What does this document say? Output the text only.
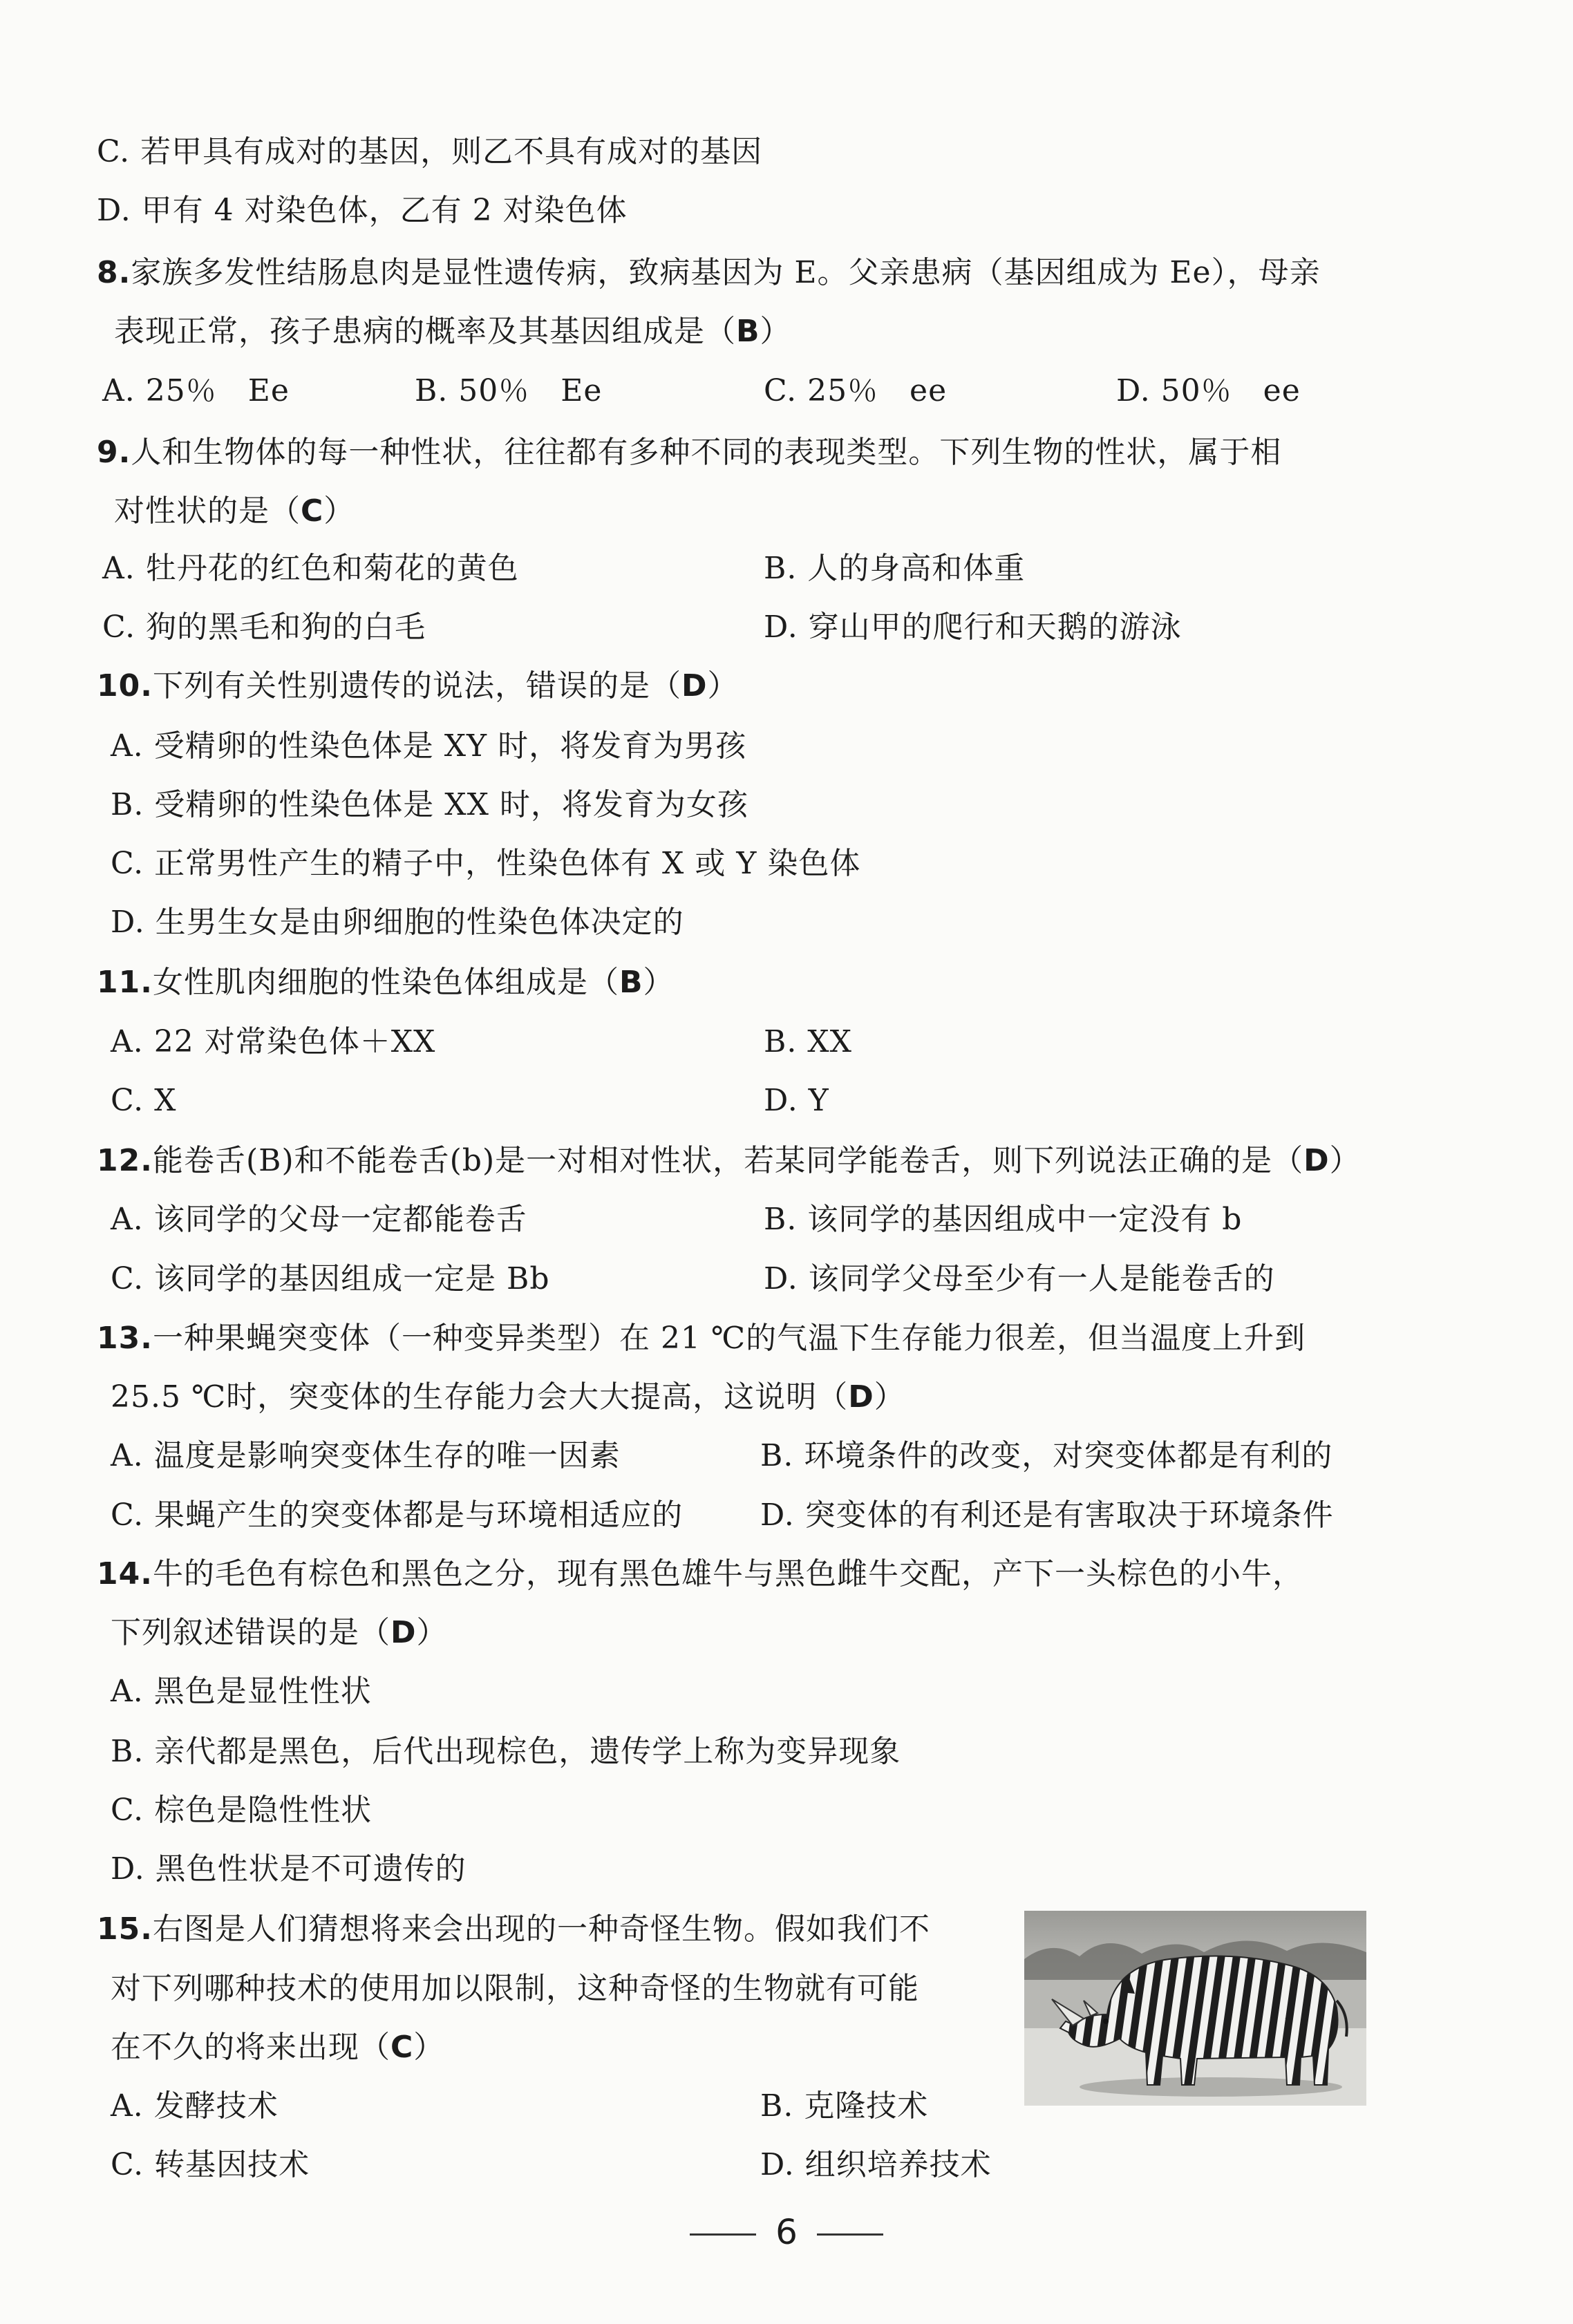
C. 若甲具有成对的基因，则乙不具有成对的基因
D. 甲有 4 对染色体，乙有 2 对染色体
8.家族多发性结肠息肉是显性遗传病，致病基因为 E。父亲患病（基因组成为 Ee），母亲
表现正常，孩子患病的概率及其基因组成是（B）
A. 25％　Ee	B. 50％　Ee	C. 25％　ee	D. 50％　ee
9.人和生物体的每一种性状，往往都有多种不同的表现类型。下列生物的性状，属于相
对性状的是（C）
A. 牡丹花的红色和菊花的黄色	B. 人的身高和体重
C. 狗的黑毛和狗的白毛	D. 穿山甲的爬行和天鹅的游泳
10.下列有关性别遗传的说法，错误的是（D）
A. 受精卵的性染色体是 XY 时，将发育为男孩
B. 受精卵的性染色体是 XX 时，将发育为女孩
C. 正常男性产生的精子中，性染色体有 X 或 Y 染色体
D. 生男生女是由卵细胞的性染色体决定的
11.女性肌肉细胞的性染色体组成是（B）
A. 22 对常染色体＋XX	B. XX
C. X	D. Y
12.能卷舌(B)和不能卷舌(b)是一对相对性状，若某同学能卷舌，则下列说法正确的是（D）
A. 该同学的父母一定都能卷舌	B. 该同学的基因组成中一定没有 b
C. 该同学的基因组成一定是 Bb	D. 该同学父母至少有一人是能卷舌的
13.一种果蝇突变体（一种变异类型）在 21 ℃的气温下生存能力很差，但当温度上升到
25.5 ℃时，突变体的生存能力会大大提高，这说明（D）
A. 温度是影响突变体生存的唯一因素	B. 环境条件的改变，对突变体都是有利的
C. 果蝇产生的突变体都是与环境相适应的	D. 突变体的有利还是有害取决于环境条件
14.牛的毛色有棕色和黑色之分，现有黑色雄牛与黑色雌牛交配，产下一头棕色的小牛，
下列叙述错误的是（D）
A. 黑色是显性性状
B. 亲代都是黑色，后代出现棕色，遗传学上称为变异现象
C. 棕色是隐性性状
D. 黑色性状是不可遗传的
15.右图是人们猜想将来会出现的一种奇怪生物。假如我们不
对下列哪种技术的使用加以限制，这种奇怪的生物就有可能
在不久的将来出现（C）
A. 发酵技术	B. 克隆技术
C. 转基因技术	D. 组织培养技术
6
